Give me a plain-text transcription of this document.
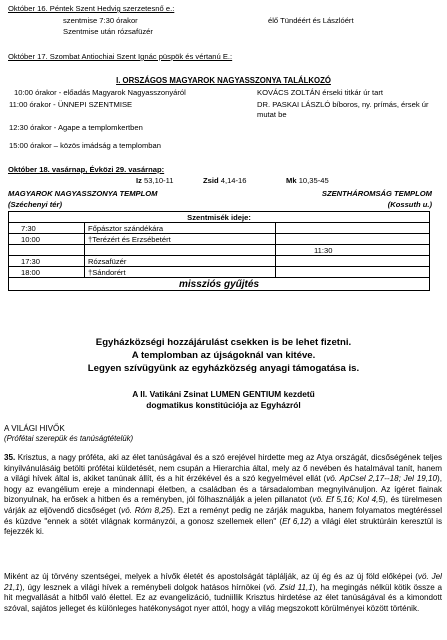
Október 16. Péntek Szent Hedvig szerzetesnő e.:
szentmise 7:30 órakor	élő Tündéért és Lászlóért
Szentmise után rózsafüzér
Október 17. Szombat Antiochiai Szent Ignác püspök és vértanú E.:
I. ORSZÁGOS MAGYAROK NAGYASSZONYA TALÁLKOZÓ
10:00 órakor - előadás Magyarok Nagyasszonyáról	KOVÁCS ZOLTÁN érseki titkár úr tart
11:00 órakor - ÜNNEPI SZENTMISE	DR. PASKAI LÁSZLÓ bíboros, ny. prímás, érsek úr
mutat be
12:30 órakor - Agape a templomkertben
15:00 órakor – közös imádság a templomban
Október 18. vasárnap, Évközi 29. vasárnap:
Iz 53,10-11	Zsid 4,14-16	Mk 10,35-45
MAGYAROK NAGYASSZONYA TEMPLOM	SZENTHÁROMSÁG TEMPLOM
(Széchenyi tér)	(Kossuth u.)
Szentmisék ideje:		
7:30	Főpásztor szándékára	
10:00	†Terézért és Erzsébetért	
		11:30
17:30	Rózsafüzér	
18:00	†Sándorért	
missziós gyűjtés		
Egyházközségi hozzájárulást csekken is be lehet fizetni.
A templomban az újságoknál van kitéve.
Legyen szívügyünk az egyházközség anyagi támogatása is.
A II. Vatikáni Zsinat LUMEN GENTIUM kezdetű
dogmatikus konstitúciója az Egyházról
A VILÁGI HIVŐK
(Prófétai szerepük és tanúságtételük)
35. Krisztus, a nagy próféta, aki az élet tanúságával és a szó erejével hirdette meg az Atya országát, dicsőségének teljes kinyilvánulásáig betölti prófétai küldetését, nem csupán a Hierarchia által, mely az ő nevében és hatalmával tanít, hanem a világi hívek által is, akiket tanúnak állít, és a hit érzékével és a szó kegyelmével ellát (vö. ApCsel 2,17--18; Jel 19,10), hogy az evangélium ereje a mindennapi életben, a családban és a társadalomban megnyilvánuljon. Az ígéret fiainak bizonyulnak, ha erősek a hitben és a reményben, jól fölhasználják a jelen pillanatot (vö. Ef 5,16; Kol 4,5), és türelmesen várják az eljövendő dicsőséget (vö. Róm 8,25). Ezt a reményt pedig ne zárják magukba, hanem folyamatos megtéréssel és küzdve "ennek a sötét világnak kormányzói, a gonosz szellemek ellen" (Ef 6,12) a világi élet struktúráin keresztül is fejezzék ki.
Miként az új törvény szentségei, melyek a hívők életét és apostolságát táplálják, az új ég és az új föld előképei (vö. Jel 21,1), úgy lesznek a világi hívek a reménybeli dolgok hatásos hírnökei (vö. Zsid 11,1), ha megingás nélkül kötik össze a hit megvallását a hitből való élettel. Ez az evangelizáció, tudniillik Krisztus hirdetése az élet tanúságával és a kimondott szóval, sajátos jelleget és különleges hatékonyságot nyer attól, hogy a világ megszokott körülményei között történik.
